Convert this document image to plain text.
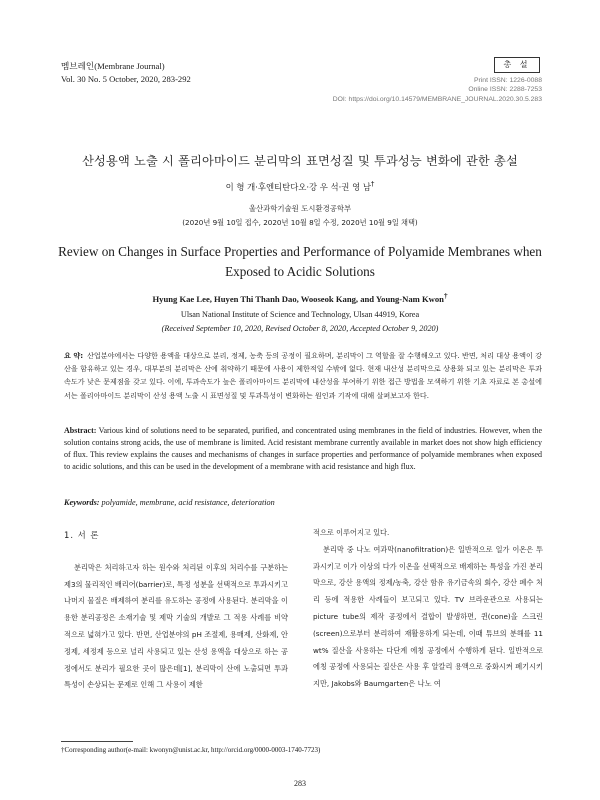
멤브레인(Membrane Journal)
Vol. 30 No. 5 October, 2020, 283-292
총 설
Print ISSN: 1226-0088
Online ISSN: 2288-7253
DOI: https://doi.org/10.14579/MEMBRANE_JOURNAL.2020.30.5.283
산성용액 노출 시 폴리아마이드 분리막의 표면성질 및 투과성능 변화에 관한 총설
이 형 개·후엔티탄다오·강 우 석·권 영 남†
울산과학기술원 도시환경공학부
(2020년 9월 10일 접수, 2020년 10월 8일 수정, 2020년 10월 9일 채택)
Review on Changes in Surface Properties and Performance of Polyamide Membranes when Exposed to Acidic Solutions
Hyung Kae Lee, Huyen Thi Thanh Dao, Wooseok Kang, and Young-Nam Kwon†
Ulsan National Institute of Science and Technology, Ulsan 44919, Korea
(Received September 10, 2020, Revised October 8, 2020, Accepted October 9, 2020)
요 약: 산업분야에서는 다양한 용액을 대상으로 분리, 정제, 농축 등의 공정이 필요하며, 분리막이 그 역할을 잘 수행해오고 있다. 반면, 처리 대상 용액이 강산을 함유하고 있는 경우, 대부분의 분리막은 산에 취약하기 때문에 사용이 제한적일 수밖에 없다. 현재 내산성 분리막으로 상용화 되고 있는 분리막은 투과속도가 낮은 문제점을 갖고 있다. 이에, 투과속도가 높은 폴리아마이드 분리막에 내산성을 부여하기 위한 접근 방법을 모색하기 위한 기초 자료로 본 총설에서는 폴리아마이드 분리막이 산성 용액 노출 시 표면성질 및 투과특성이 변화하는 원인과 기작에 대해 살펴보고자 한다.
Abstract: Various kind of solutions need to be separated, purified, and concentrated using membranes in the field of industries. However, when the solution contains strong acids, the use of membrane is limited. Acid resistant membrane currently available in market does not show high efficiency of flux. This review explains the causes and mechanisms of changes in surface properties and performance of polyamide membranes when exposed to acidic solutions, and this can be used in the development of a membrane with acid resistance and high flux.
Keywords: polyamide, membrane, acid resistance, deterioration
1. 서 론

분리막은 처리하고자 하는 원수와 처리된 이후의 처리수를 구분하는 제3의 물리적인 배리어(barrier)로, 특정 성분을 선택적으로 투과시키고 나머지 물질은 배제하여 분리를 유도하는 공정에 사용된다. 분리막을 이용한 분리공정은 소재기술 및 제막 기술의 개발로 그 적용 사례를 비약적으로 넓혀가고 있다. 반면, 산업분야의 pH 조절제, 용매제, 산화제, 안정제, 세정제 등으로 널리 사용되고 있는 산성 용액을 대상으로 하는 공정에서도 분리가 필요한 곳이 많은데[1], 분리막이 산에 노출되면 투과특성이 손상되는 문제로 인해 그 사용이 제한

적으로 이루어지고 있다.

분리막 중 나노 여과막(nanofiltration)은 일반적으로 일가 이온은 투과시키고 이가 이상의 다가 이온을 선택적으로 배제하는 특성을 가진 분리막으로, 강산 용액의 정제/농축, 강산 함유 유기금속의 회수, 강산 폐수 처리 등에 적용한 사례들이 보고되고 있다. TV 브라운관으로 사용되는 picture tube의 제작 공정에서 결합이 발생하면, 퀸(cone)을 스크린(screen)으로부터 분리하여 재활용하게 되는데, 이때 튜브의 분해를 11 wt% 질산을 사용하는 다단계 에칭 공정에서 수행하게 된다. 일반적으로 에칭 공정에 사용되는 질산은 사용 후 알칼리 용액으로 중화시켜 폐기시키지만, Jakobs와 Baumgarten은 나노 여

†Corresponding author(e-mail: kwonyn@unist.ac.kr, http://orcid.org/0000-0003-1740-7723)
283
